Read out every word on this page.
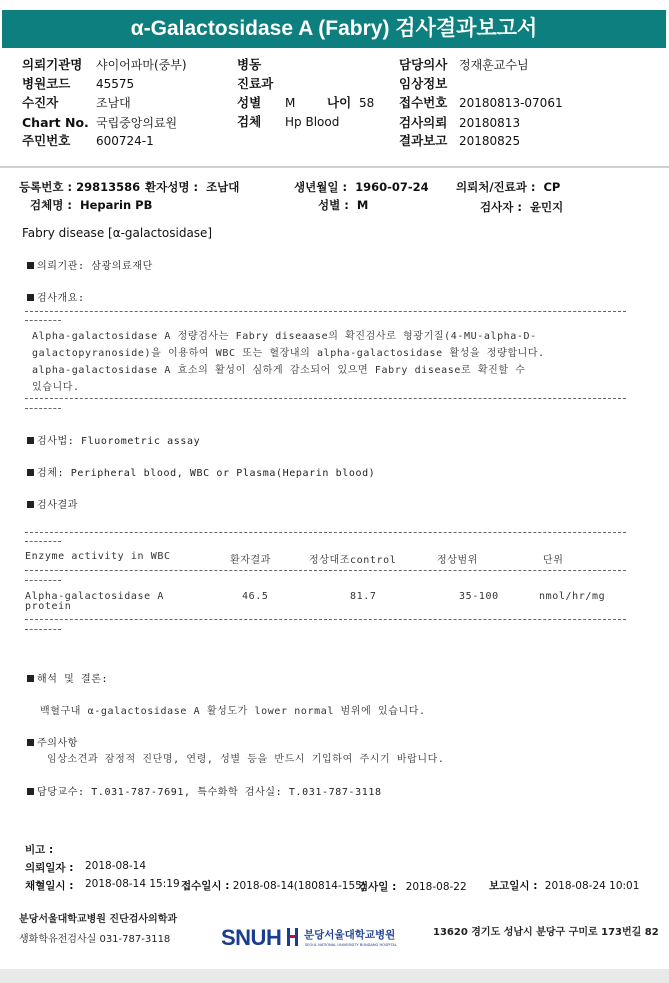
α-Galactosidase A (Fabry) 검사결과보고서
의뢰기관명 샤이어파마(중부)
병원코드 45575
수진자	조남대
Chart No. 국립중앙의료원
주민번호 600724-1
병동
진료과
성별 M	나이 58
검체 Hp Blood
담당의사 정재훈교수님
임상정보
접수번호 20180813-07061
검사의뢰 20180813
결과보고 20180825
등록번호 : 29813586 환자성명 : 조남대	생년월일 : 1960-07-24 의뢰처/진료과 : CP
검체명 : Heparin PB	성별 : M	검사자 : 윤민지
Fabry disease [α-galactosidase]
의뢰기관: 삼광의료재단
검사개요:
Alpha-galactosidase A 정량검사는 Fabry diseaase의 확진검사로 형광기질(4-MU-alpha-D-
galactopyranoside)을 이용하여 WBC 또는 혈장내의 alpha-galactosidase 활성을 정량합니다.
alpha-galactosidase A 효소의 활성이 심하게 감소되어 있으면 Fabry disease로 확진할 수
있습니다.
검사법: Fluorometric assay
검체: Peripheral blood, WBC or Plasma(Heparin blood)
검사결과
Enzyme activity in WBC	환자결과	정상대조control	정상범위	단위
Alpha-galactosidase A
protein
46.5	81.7	35-100	nmol/hr/mg
해석 및 결론:
백혈구내 α-galactosidase A 활성도가 lower normal 범위에 있습니다.
주의사항
임상소견과 잠정적 진단명, 연령, 성별 등을 반드시 기입하여 주시기 바랍니다.
담당교수: T.031-787-7691, 특수화학 검사실: T.031-787-3118
비고 :
의뢰일자 : 2018-08-14
채혈일시 : 2018-08-14 15:19 접수일시 : 2018-08-14(180814-155)
검사일 : 2018-08-22 보고일시 : 2018-08-24 10:01
분당서울대학교병원 진단검사의학과
생화학유전검사실 031-787-3118 SNUH 분당서울대학교병원
SEOUL NATIONAL UNIVERSITY BUNDANG HOSPITAL
13620 경기도 성남시 분당구 구미로 173번길 82
